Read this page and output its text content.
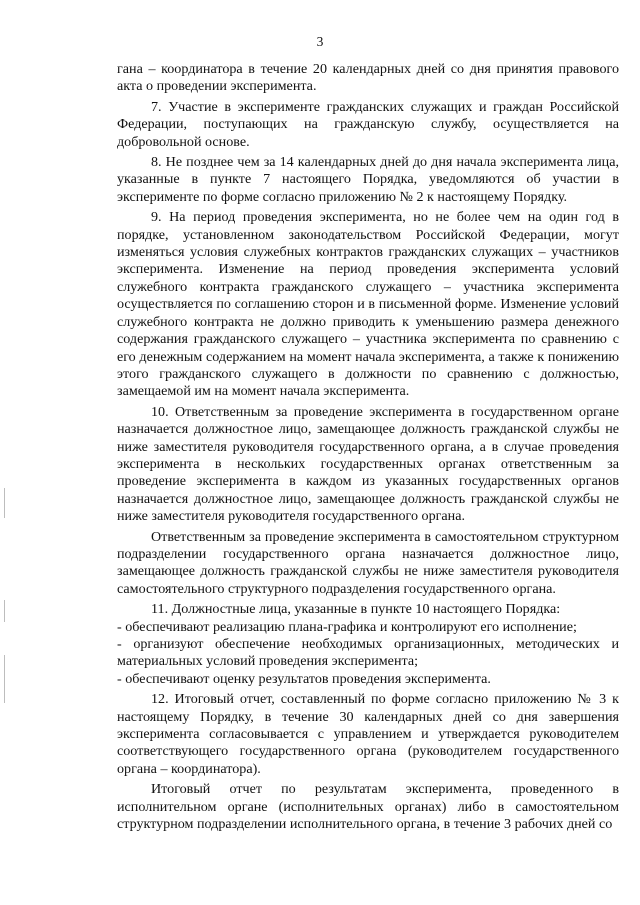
3

гана – координатора в течение 20 календарных дней со дня принятия правового акта о проведении эксперимента.

7. Участие в эксперименте гражданских служащих и граждан Российской Федерации, поступающих на гражданскую службу, осуществляется на добровольной основе.

8. Не позднее чем за 14 календарных дней до дня начала эксперимента лица, указанные в пункте 7 настоящего Порядка, уведомляются об участии в эксперименте по форме согласно приложению № 2 к настоящему Порядку.

9. На период проведения эксперимента, но не более чем на один год в порядке, установленном законодательством Российской Федерации, могут изменяться условия служебных контрактов гражданских служащих – участников эксперимента. Изменение на период проведения эксперимента условий служебного контракта гражданского служащего – участника эксперимента осуществляется по соглашению сторон и в письменной форме. Изменение условий служебного контракта не должно приводить к уменьшению размера денежного содержания гражданского служащего – участника эксперимента по сравнению с его денежным содержанием на момент начала эксперимента, а также к понижению этого гражданского служащего в должности по сравнению с должностью, замещаемой им на момент начала эксперимента.

10. Ответственным за проведение эксперимента в государственном органе назначается должностное лицо, замещающее должность гражданской службы не ниже заместителя руководителя государственного органа, а в случае проведения эксперимента в нескольких государственных органах ответственным за проведение эксперимента в каждом из указанных государственных органов назначается должностное лицо, замещающее должность гражданской службы не ниже заместителя руководителя государственного органа.

Ответственным за проведение эксперимента в самостоятельном структурном подразделении государственного органа назначается должностное лицо, замещающее должность гражданской службы не ниже заместителя руководителя самостоятельного структурного подразделения государственного органа.

11. Должностные лица, указанные в пункте 10 настоящего Порядка:

- обеспечивают реализацию плана-графика и контролируют его исполнение;

- организуют обеспечение необходимых организационных, методических и материальных условий проведения эксперимента;

- обеспечивают оценку результатов проведения эксперимента.

12. Итоговый отчет, составленный по форме согласно приложению № 3 к настоящему Порядку, в течение 30 календарных дней со дня завершения эксперимента согласовывается с управлением и утверждается руководителем соответствующего государственного органа (руководителем государственного органа – координатора).

Итоговый отчет по результатам эксперимента, проведенного в исполнительном органе (исполнительных органах) либо в самостоятельном структурном подразделении исполнительного органа, в течение 3 рабочих дней со
